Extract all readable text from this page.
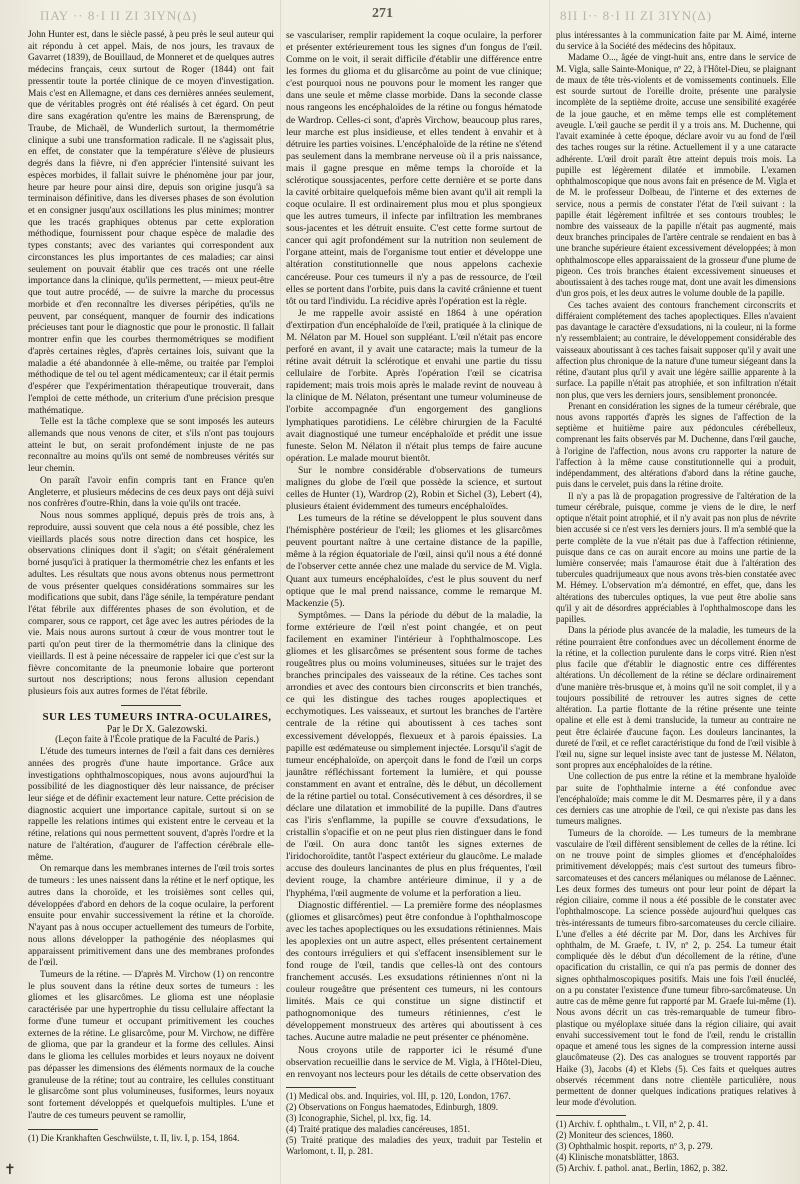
ΠΑΥ ·· 8·Ι ΙΙ ZI 3IΥΝ(Δ)	271	8ΙΙ Ι·· 8·Ι ΙΙ ZI 3IΥΝ(Δ)

John Hunter est, dans le siècle passé, à peu près le seul auteur qui ait répondu à cet appel. Mais, de nos jours, les travaux de Gavarret (1839), de Bouillaud, de Monneret et de quelques autres médecins français, ceux surtout de Roger (1844) ont fait pressentir toute la portée clinique de ce moyen d'investigation. Mais c'est en Allemagne, et dans ces dernières années seulement, que de véritables progrès ont été réalisés à cet égard. On peut dire sans exagération qu'entre les mains de Bærensprung, de Traube, de Michaël, de Wunderlich surtout, la thermométrie clinique a subi une transformation radicale. Il ne s'agissait plus, en effet, de constater que la température s'élève de plusieurs degrés dans la fièvre, ni d'en apprécier l'intensité suivant les espèces morbides, il fallait suivre le phénomène jour par jour, heure par heure pour ainsi dire, depuis son origine jusqu'à sa terminaison définitive, dans les diverses phases de son évolution et en consigner jusqu'aux oscillations les plus minimes; montrer que les tracés graphiques obtenus par cette exploration méthodique, fournissent pour chaque espèce de maladie des types constants; avec des variantes qui correspondent aux circonstances les plus importantes de ces maladies; car ainsi seulement on pouvait établir que ces tracés ont une réelle importance dans la clinique, qu'ils permettent, — mieux peut-être que tout autre procédé, — de suivre la marche du processus morbide et d'en reconnaître les diverses péripéties, qu'ils ne peuvent, par conséquent, manquer de fournir des indications précieuses tant pour le diagnostic que pour le pronostic. Il fallait montrer enfin que les courbes thermométriques se modifient d'après certaines règles, d'après certaines lois, suivant que la maladie a été abandonnée à elle-même, ou traitée par l'emploi méthodique de tel ou tel agent médicamenteux; car il était permis d'espérer que l'expérimentation thérapeutique trouverait, dans l'emploi de cette méthode, un criterium d'une précision presque mathématique.

Telle est la tâche complexe que se sont imposés les auteurs allemands que nous venons de citer, et s'ils n'ont pas toujours atteint le but, on serait profondément injuste de ne pas reconnaître au moins qu'ils ont semé de nombreuses vérités sur leur chemin.

On paraît l'avoir enfin compris tant en France qu'en Angleterre, et plusieurs médecins de ces deux pays ont déjà suivi nos confrères d'outre-Rhin, dans la voie qu'ils ont tracée.

Nous nous sommes appliqué, depuis près de trois ans, à reproduire, aussi souvent que cela nous a été possible, chez les vieillards placés sous notre direction dans cet hospice, les observations cliniques dont il s'agit; on s'était généralement borné jusqu'ici à pratiquer la thermométrie chez les enfants et les adultes. Les résultats que nous avons obtenus nous permettront de vous présenter quelques considérations sommaires sur les modifications que subit, dans l'âge sénile, la température pendant l'état fébrile aux différentes phases de son évolution, et de comparer, sous ce rapport, cet âge avec les autres périodes de la vie. Mais nous aurons surtout à cœur de vous montrer tout le parti qu'on peut tirer de la thermométrie dans la clinique des vieillards. Il est à peine nécessaire de rappeler ici que c'est sur la fièvre concomitante de la pneumonie lobaire que porteront surtout nos descriptions; nous ferons allusion cependant plusieurs fois aux autres formes de l'état fébrile.

SUR LES TUMEURS INTRA-OCULAIRES,

Par le Dr X. Galezowski.

(Leçon faite à l'École pratique de la Faculté de Paris.)

L'étude des tumeurs internes de l'œil a fait dans ces dernières années des progrès d'une haute importance. Grâce aux investigations ophthalmoscopiques, nous avons aujourd'hui la possibilité de les diagnostiquer dès leur naissance, de préciser leur siége et de définir exactement leur nature. Cette précision de diagnostic acquiert une importance capitale, surtout si on se rappelle les relations intimes qui existent entre le cerveau et la rétine, relations qui nous permettent souvent, d'après l'ordre et la nature de l'altération, d'augurer de l'affection cérébrale elle-même.

On remarque dans les membranes internes de l'œil trois sortes de tumeurs : les unes naissent dans la rétine et le nerf optique, les autres dans la choroïde, et les troisièmes sont celles qui, développées d'abord en dehors de la coque oculaire, la perforent ensuite pour envahir successivement la rétine et la choroïde. N'ayant pas à nous occuper actuellement des tumeurs de l'orbite, nous allons développer la pathogénie des néoplasmes qui apparaissent primitivement dans une des membranes profondes de l'œil.

Tumeurs de la rétine. — D'après M. Virchow (1) on rencontre le plus souvent dans la rétine deux sortes de tumeurs : les gliomes et les glisarcômes. Le glioma est une néoplasie caractérisée par une hypertrophie du tissu cellulaire affectant la forme d'une tumeur et occupant primitivement les couches externes de la rétine. Le glisarcôme, pour M. Virchow, ne diffère de glioma, que par la grandeur et la forme des cellules. Ainsi dans le glioma les cellules morbides et leurs noyaux ne doivent pas dépasser les dimensions des éléments normaux de la couche granuleuse de la rétine; tout au contraire, les cellules constituant le glisarcôme sont plus volumineuses, fusiformes, leurs noyaux sont fortement développés et quelquefois multiples. L'une et l'autre de ces tumeurs peuvent se ramollir,

(1) Die Krankhaften Geschwülste, t. II, liv. I, p. 154, 1864.

se vasculariser, remplir rapidement la coque oculaire, la perforer et présenter extérieurement tous les signes d'un fongus de l'œil. Comme on le voit, il serait difficile d'établir une différence entre les formes du glioma et du glisarcôme au point de vue clinique; c'est pourquoi nous ne pouvons pour le moment les ranger que dans une seule et même classe morbide. Dans la seconde classe nous rangeons les encéphaloïdes de la rétine ou fongus hématode de Wardrop. Celles-ci sont, d'après Virchow, beaucoup plus rares, leur marche est plus insidieuse, et elles tendent à envahir et à détruire les parties voisines. L'encéphaloïde de la rétine ne s'étend pas seulement dans la membrane nerveuse où il a pris naissance, mais il gagne presque en même temps la choroïde et la sclérotique soussjacentes, perfore cette dernière et se porte dans la cavité orbitaire quelquefois même bien avant qu'il ait rempli la coque oculaire. Il est ordinairement plus mou et plus spongieux que les autres tumeurs, il infecte par infiltration les membranes sous-jacentes et les détruit ensuite. C'est cette forme surtout de cancer qui agit profondément sur la nutrition non seulement de l'organe atteint, mais de l'organisme tout entier et développe une altération constitutionnelle que nous appelons cachexie cancéreuse. Pour ces tumeurs il n'y a pas de ressource, de l'œil elles se portent dans l'orbite, puis dans la cavité crânienne et tuent tôt ou tard l'individu. La récidive après l'opération est la règle.

Je me rappelle avoir assisté en 1864 à une opération d'extirpation d'un encéphaloïde de l'œil, pratiquée à la clinique de M. Nélaton par M. Houel son suppléant. L'œil n'était pas encore perforé en avant, il y avait une cataracte; mais la tumeur de la rétine avait détruit la sclérotique et envahi une partie du tissu cellulaire de l'orbite. Après l'opération l'œil se cicatrisa rapidement; mais trois mois après le malade revint de nouveau à la clinique de M. Nélaton, présentant une tumeur volumineuse de l'orbite accompagnée d'un engorgement des ganglions lymphatiques parotidiens. Le célèbre chirurgien de la Faculté avait diagnostiqué une tumeur encéphaloïde et prédit une issue funeste. Selon M. Nélaton il n'était plus temps de faire aucune opération. Le malade mourut bientôt.

Sur le nombre considérable d'observations de tumeurs malignes du globe de l'œil que possède la science, et surtout celles de Hunter (1), Wardrop (2), Robin et Sichel (3), Lebert (4), plusieurs étaient évidemment des tumeurs encéphaloïdes.

Les tumeurs de la rétine se développent le plus souvent dans l'hémisphère postérieur de l'œil; les gliomes et les glisarcômes peuvent pourtant naître à une certaine distance de la papille, même à la région équatoriale de l'œil, ainsi qu'il nous a été donné de l'observer cette année chez une malade du service de M. Vigla. Quant aux tumeurs encéphaloïdes, c'est le plus souvent du nerf optique que le mal prend naissance, comme le remarque M. Mackenzie (5).

Symptômes. — Dans la période du début de la maladie, la forme extérieure de l'œil n'est point changée, et on peut facilement en examiner l'intérieur à l'ophthalmoscope. Les gliomes et les glisarcômes se présentent sous forme de taches rougeâtres plus ou moins volumineuses, situées sur le trajet des branches principales des vaisseaux de la rétine. Ces taches sont arrondies et avec des contours bien circonscrits et bien tranchés, ce qui les distingue des taches rouges apoplectiques et ecchymotiques. Les vaisseaux, et surtout les branches de l'artère centrale de la rétine qui aboutissent à ces taches sont excessivement développés, flexueux et à parois épaissies. La papille est œdémateuse ou simplement injectée. Lorsqu'il s'agit de tumeur encéphaloïde, on aperçoit dans le fond de l'œil un corps jaunâtre réfléchissant fortement la lumière, et qui pousse constamment en avant et entraîne, dès le début, un décollement de la rétine partiel ou total. Consécutivement à ces désordres, il se déclare une dilatation et immobilité de la pupille. Dans d'autres cas l'iris s'enflamme, la pupille se couvre d'exsudations, le cristallin s'opacifie et on ne peut plus rien distinguer dans le fond de l'œil. On aura donc tantôt les signes externes de l'iridochoroïdite, tantôt l'aspect extérieur du glaucôme. Le malade accuse des douleurs lancinantes de plus en plus fréquentes, l'œil devient rouge, la chambre antérieure diminue, il y a de l'hyphéma, l'œil augmente de volume et la perforation a lieu.

Diagnostic différentiel. — La première forme des néoplasmes (gliomes et glisarcômes) peut être confondue à l'ophthalmoscope avec les taches apoplectiques ou les exsudations rétiniennes. Mais les apoplexies ont un autre aspect, elles présentent certainement des contours irréguliers et qui s'effacent insensiblement sur le fond rouge de l'œil, tandis que celles-là ont des contours franchement accusés. Les exsudations rétiniennes n'ont ni la couleur rougeâtre que présentent ces tumeurs, ni les contours limités. Mais ce qui constitue un signe distinctif et pathognomonique des tumeurs rétiniennes, c'est le développement monstrueux des artères qui aboutissent à ces taches. Aucune autre maladie ne peut présenter ce phénomène.

Nous croyons utile de rapporter ici le résumé d'une observation recueillie dans le service de M. Vigla, à l'Hôtel-Dieu, en renvoyant nos lecteurs pour les détails de cette observation des

(1) Medical obs. and. Inquiries, vol. III, p. 120, London, 1767.
(2) Observations on Fongus haematodes, Edinburgh, 1809.
(3) Iconographie, Sichel, pl. lxx, fig. 14.
(4) Traité pratique des maladies cancéreuses, 1851.
(5) Traité pratique des maladies des yeux, traduit par Testelin et Warlomont, t. II, p. 281.

plus intéressantes à la communication faite par M. Aimé, interne du service à la Société des médecins des hôpitaux.

Madame O..., âgée de vingt-huit ans, entre dans le service de M. Vigla, salle Sainte-Monique, nº 22, à l'Hôtel-Dieu, se plaignant de maux de tête très-violents et de vomissements continuels. Elle est sourde surtout de l'oreille droite, présente une paralysie incomplète de la septième droite, accuse une sensibilité exagérée de la joue gauche, et en même temps elle est complétement aveugle. L'œil gauche se perdit il y a trois ans. M. Duchenne, qui l'avait examinée à cette époque, déclare avoir vu au fond de l'œil des taches rouges sur la rétine. Actuellement il y a une cataracte adhérente. L'œil droit paraît être atteint depuis trois mois. La pupille est légèrement dilatée et immobile. L'examen ophthalmoscopique que nous avons fait en présence de M. Vigla et de M. le professeur Dolbeau, de l'interne et des externes de service, nous a permis de constater l'état de l'œil suivant : la papille était légèrement infiltrée et ses contours troubles; le nombre des vaisseaux de la papille n'était pas augmenté, mais deux branches principales de l'artère centrale se rendaient en bas à une branche supérieure étaient excessivement développées; à mon ophthalmoscope elles apparaissaient de la grosseur d'une plume de pigeon. Ces trois branches étaient excessivement sinueuses et aboutissaient à des taches rouge mat, dont une avait les dimensions d'un gros pois, et les deux autres le volume double de la papille.

Ces taches avaient des contours franchement circonscrits et différaient complétement des taches apoplectiques. Elles n'avaient pas davantage le caractère d'exsudations, ni la couleur, ni la forme n'y ressemblaient; au contraire, le développement considérable des vaisseaux aboutissant à ces taches faisait supposer qu'il y avait une affection plus chronique de la nature d'une tumeur siégeant dans la rétine, d'autant plus qu'il y avait une légère saillie apparente à la surface. La papille n'était pas atrophiée, et son infiltration n'était non plus, que vers les derniers jours, sensiblement prononcée.

Prenant en considération les signes de la tumeur cérébrale, que nous avons rapportés d'après les signes de l'affection de la septième et huitième paire aux pédoncules cérébelleux, comprenant les faits observés par M. Duchenne, dans l'œil gauche, à l'origine de l'affection, nous avons cru rapporter la nature de l'affection à la même cause constitutionnelle qui a produit, indépendamment, des altérations d'abord dans la rétine gauche, puis dans le cervelet, puis dans la rétine droite.

Il n'y a pas là de propagation progressive de l'altération de la tumeur cérébrale, puisque, comme je viens de le dire, le nerf optique n'était point atrophié, et il n'y avait pas non plus de névrite bien accusée si ce n'est vers les derniers jours. Il m'a semblé que la perte complète de la vue n'était pas due à l'affection rétinienne, puisque dans ce cas on aurait encore au moins une partie de la lumière conservée; mais l'amaurose était due à l'altération des tubercules quadrijumeaux que nous avons très-bien constatée avec M. Hémey. L'observation m'a démontré, en effet, que, dans les altérations des tubercules optiques, la vue peut être abolie sans qu'il y ait de désordres appréciables à l'ophthalmoscope dans les papilles.

Dans la période plus avancée de la maladie, les tumeurs de la rétine pourraient être confondues avec un décollement énorme de la rétine, et la collection purulente dans le corps vitré. Rien n'est plus facile que d'établir le diagnostic entre ces différentes altérations. Un décollement de la rétine se déclare ordinairement d'une manière très-brusque et, à moins qu'il ne soit complet, il y a toujours possibilité de retrouver les autres signes de cette altération. La partie flottante de la rétine présente une teinte opaline et elle est à demi translucide, la tumeur au contraire ne peut être éclairée d'aucune façon. Les douleurs lancinantes, la dureté de l'œil, et ce reflet caractéristique du fond de l'œil visible à l'œil nu, signe sur lequel insiste avec tant de justesse M. Nélaton, sont propres aux encéphaloïdes de la rétine.

Une collection de pus entre la rétine et la membrane hyaloïde par suite de l'ophthalmie interne a été confondue avec l'encéphaloïde; mais comme le dit M. Desmarres père, il y a dans ces derniers cas une atrophie de l'œil, ce qui n'existe pas dans les tumeurs malignes.

Tumeurs de la choroïde. — Les tumeurs de la membrane vasculaire de l'œil diffèrent sensiblement de celles de la rétine. Ici on ne trouve point de simples gliomes et d'encéphaloïdes primitivement développés; mais c'est surtout des tumeurs fibro-sarcomateuses et des cancers mélaniques ou mélanose de Laënnec. Les deux formes des tumeurs ont pour leur point de départ la région ciliaire, comme il nous a été possible de le constater avec l'ophthalmoscope. La science possède aujourd'hui quelques cas très-intéressants de tumeurs fibro-sarcomateuses du cercle ciliaire. L'une d'elles a été décrite par M. Dor, dans les Archives für ophthalm, de M. Graefe, t. IV, nº 2, p. 254. La tumeur était compliquée dès le début d'un décollement de la rétine, d'une opacification du cristallin, ce qui n'a pas permis de donner des signes ophthalmoscopiques positifs. Mais une fois l'œil énucléé, on a pu constater l'existence d'une tumeur fibro-sarcômateuse. Un autre cas de même genre fut rapporté par M. Graefe lui-même (1). Nous avons décrit un cas très-remarquable de tumeur fibro-plastique ou myéloplaxe située dans la région ciliaire, qui avait envahi successivement tout le fond de l'œil, rendu le cristallin opaque et amené tous les signes de la compression interne aussi glaucômateuse (2). Des cas analogues se trouvent rapportés par Haike (3), Jacobs (4) et Klebs (5). Ces faits et quelques autres observés récemment dans notre clientèle particulière, nous permettent de donner quelques indications pratiques relatives à leur mode d'évolution.

(1) Archiv. f. ophthalm., t. VII, nº 2, p. 41.
(2) Moniteur des sciences, 1860.
(3) Ophthalmic hospit. reports, nº 3, p. 279.
(4) Klinische monatsblätter, 1863.
(5) Archiv. f. pathol. anat., Berlin, 1862, p. 382.
✝
